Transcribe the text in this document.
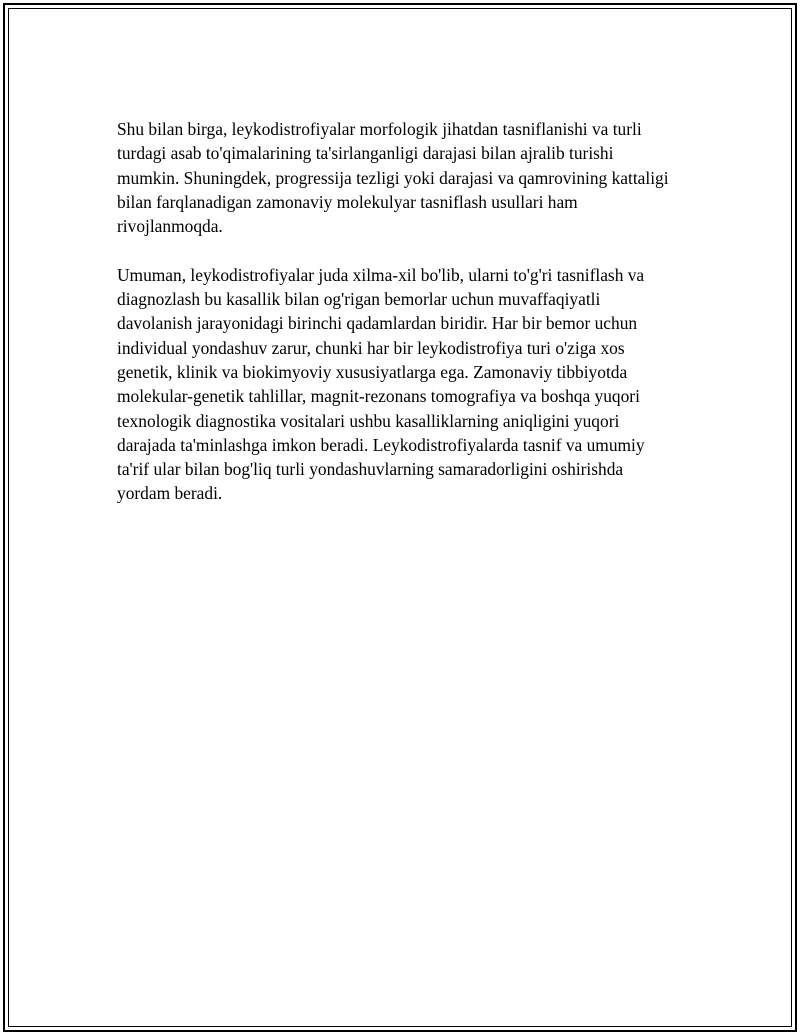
Shu bilan birga, leykodistrofiyalar morfologik jihatdan tasniflanishi va turli turdagi asab to'qimalarining ta'sirlanganligi darajasi bilan ajralib turishi mumkin. Shuningdek, progressija tezligi yoki darajasi va qamrovining kattaligi bilan farqlanadigan zamonaviy molekulyar tasniflash usullari ham rivojlanmoqda.

Umuman, leykodistrofiyalar juda xilma-xil bo'lib, ularni to'g'ri tasniflash va diagnozlash bu kasallik bilan og'rigan bemorlar uchun muvaffaqiyatli davolanish jarayonidagi birinchi qadamlardan biridir. Har bir bemor uchun individual yondashuv zarur, chunki har bir leykodistrofiya turi o'ziga xos genetik, klinik va biokimyoviy xususiyatlarga ega. Zamonaviy tibbiyotda molekular-genetik tahlillar, magnit-rezonans tomografiya va boshqa yuqori texnologik diagnostika vositalari ushbu kasalliklarning aniqligini yuqori darajada ta'minlashga imkon beradi. Leykodistrofiyalarda tasnif va umumiy ta'rif ular bilan bog'liq turli yondashuvlarning samaradorligini oshirishda yordam beradi.
